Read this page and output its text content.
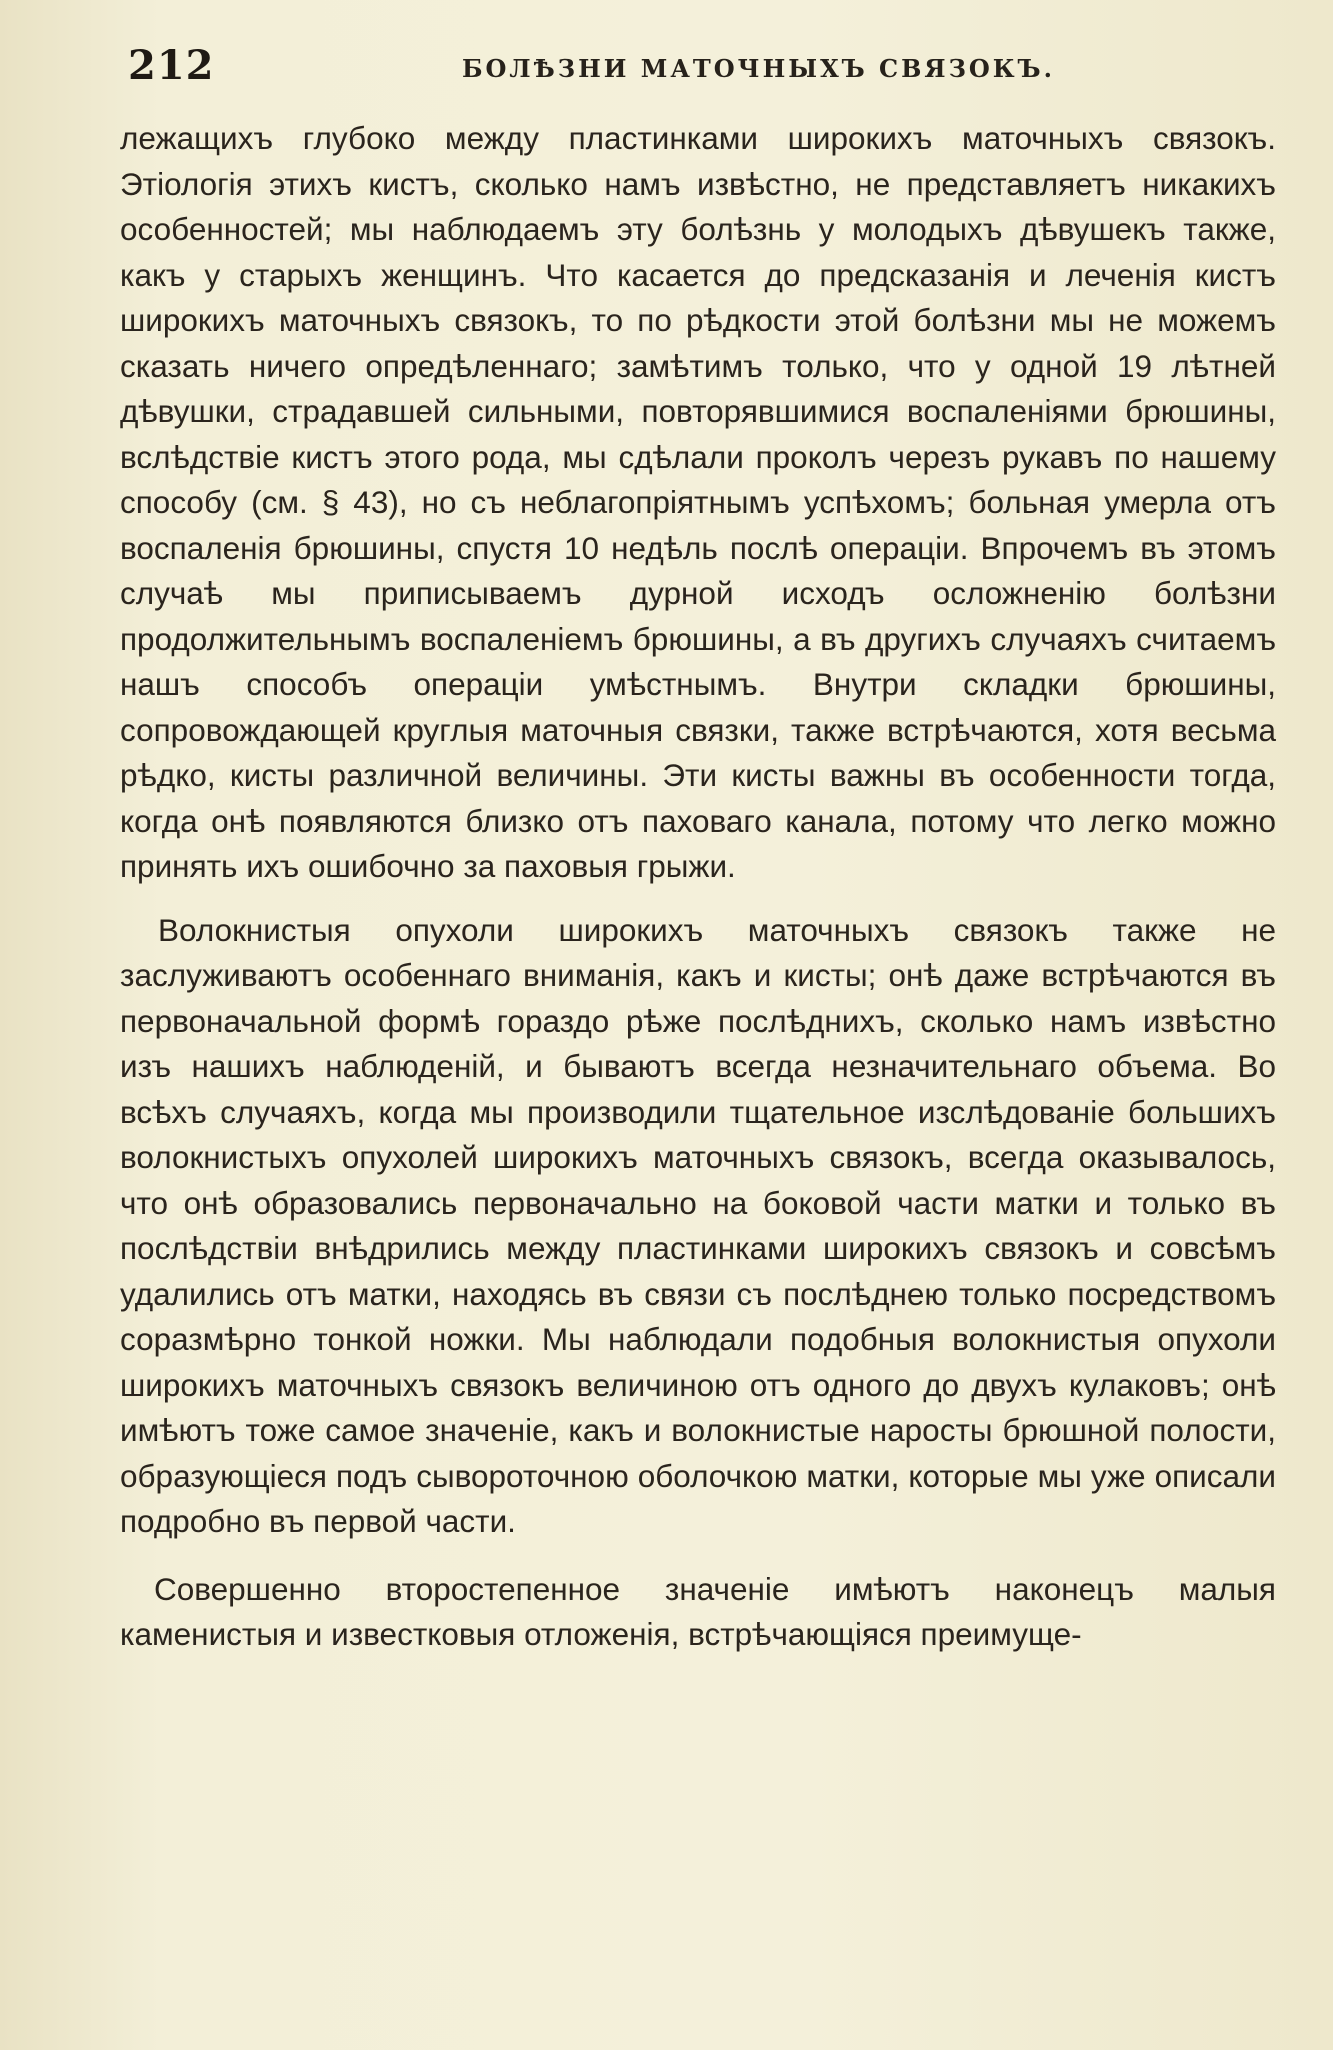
212	БОЛѢЗНИ МАТОЧНЫХЪ СВЯЗОКЪ.

лежащихъ глубоко между пластинками широкихъ маточныхъ связокъ. Этіологія этихъ кистъ, сколько намъ извѣстно, не представляетъ никакихъ особенностей; мы наблюдаемъ эту болѣзнь у молодыхъ дѣвушекъ также, какъ у старыхъ женщинъ. Что касается до предсказанія и леченія кистъ широкихъ маточныхъ связокъ, то по рѣдкости этой болѣзни мы не можемъ сказать ничего опредѣленнаго; замѣтимъ только, что у одной 19 лѣтней дѣвушки, страдавшей сильными, повторявшимися воспаленіями брюшины, вслѣдствіе кистъ этого рода, мы сдѣлали проколъ черезъ рукавъ по нашему способу (см. § 43), но съ неблагопріятнымъ успѣхомъ; больная умерла отъ воспаленія брюшины, спустя 10 недѣль послѣ операціи. Впрочемъ въ этомъ случаѣ мы приписываемъ дурной исходъ осложненію болѣзни продолжительнымъ воспаленіемъ брюшины, а въ другихъ случаяхъ считаемъ нашъ способъ операціи умѣстнымъ. Внутри складки брюшины, сопровождающей круглыя маточныя связки, также встрѣчаются, хотя весьма рѣдко, кисты различной величины. Эти кисты важны въ особенности тогда, когда онѣ появляются близко отъ паховаго канала, потому что легко можно принять ихъ ошибочно за паховыя грыжи.

Волокнистыя опухоли широкихъ маточныхъ связокъ также не заслуживаютъ особеннаго вниманія, какъ и кисты; онѣ даже встрѣчаются въ первоначальной формѣ гораздо рѣже послѣднихъ, сколько намъ извѣстно изъ нашихъ наблюденій, и бываютъ всегда незначительнаго объема. Во всѣхъ случаяхъ, когда мы производили тщательное изслѣдованіе большихъ волокнистыхъ опухолей широкихъ маточныхъ связокъ, всегда оказывалось, что онѣ образовались первоначально на боковой части матки и только въ послѣдствіи внѣдрились между пластинками широкихъ связокъ и совсѣмъ удалились отъ матки, находясь въ связи съ послѣднею только посредствомъ соразмѣрно тонкой ножки. Мы наблюдали подобныя волокнистыя опухоли широкихъ маточныхъ связокъ величиною отъ одного до двухъ кулаковъ; онѣ имѣютъ тоже самое значеніе, какъ и волокнистые наросты брюшной полости, образующіеся подъ сывороточною оболочкою матки, которые мы уже описали подробно въ первой части.

Совершенно второстепенное значеніе имѣютъ наконецъ малыя каменистыя и известковыя отложенія, встрѣчающіяся преимуще-
